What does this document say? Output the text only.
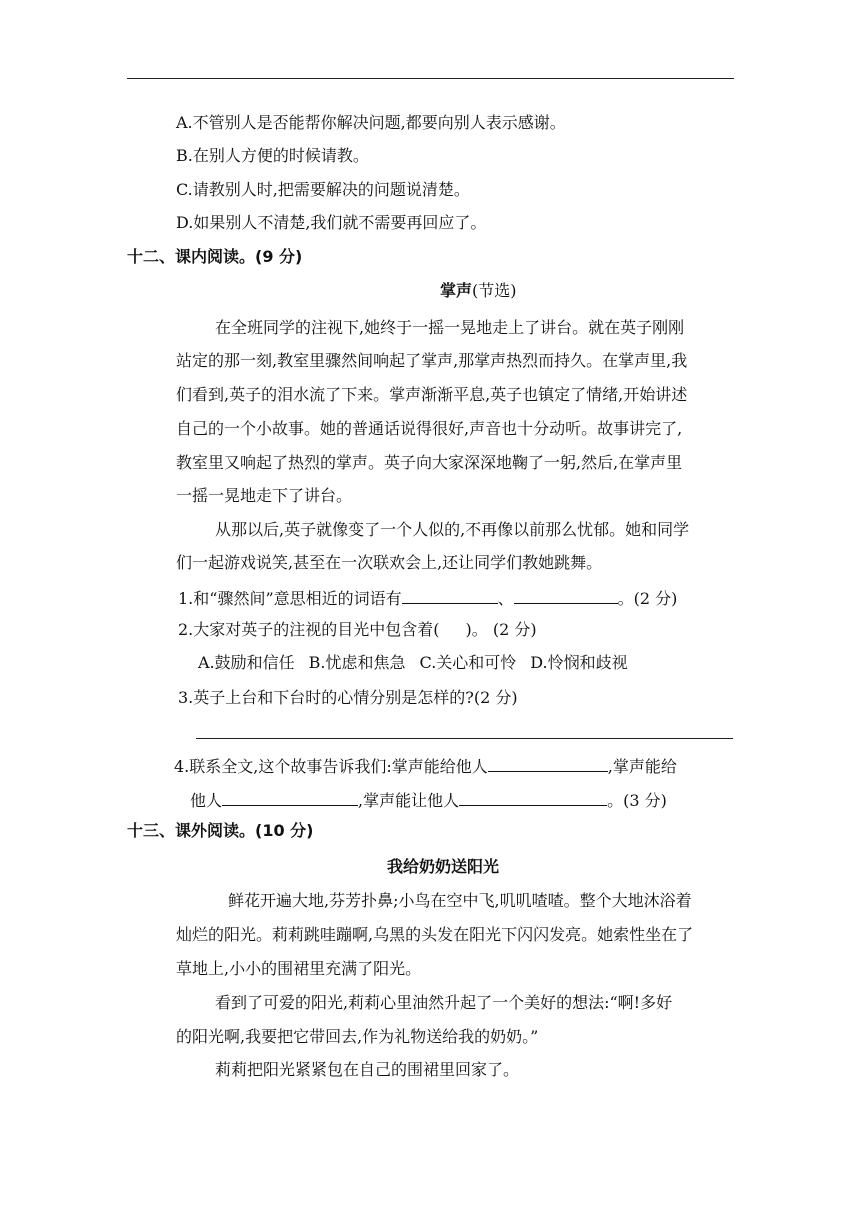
A.不管别人是否能帮你解决问题,都要向别人表示感谢。
B.在别人方便的时候请教。
C.请教别人时,把需要解决的问题说清楚。
D.如果别人不清楚,我们就不需要再回应了。
十二、课内阅读。(9 分)
掌声(节选)
在全班同学的注视下,她终于一摇一晃地走上了讲台。就在英子刚刚
站定的那一刻,教室里骤然间响起了掌声,那掌声热烈而持久。在掌声里,我
们看到,英子的泪水流了下来。掌声渐渐平息,英子也镇定了情绪,开始讲述
自己的一个小故事。她的普通话说得很好,声音也十分动听。故事讲完了,
教室里又响起了热烈的掌声。英子向大家深深地鞠了一躬,然后,在掌声里
一摇一晃地走下了讲台。
从那以后,英子就像变了一个人似的,不再像以前那么忧郁。她和同学
们一起游戏说笑,甚至在一次联欢会上,还让同学们教她跳舞。
1.和“骤然间”意思相近的词语有	、	。(2 分)
2.大家对英子的注视的目光中包含着( )。 (2 分)
A.鼓励和信任 B.忧虑和焦急 C.关心和可怜 D.怜悯和歧视
3.英子上台和下台时的心情分别是怎样的?(2 分)
4.联系全文,这个故事告诉我们:掌声能给他人	,掌声能给
他人	,掌声能让他人	。(3 分)
十三、课外阅读。(10 分)
我给奶奶送阳光
鲜花开遍大地,芬芳扑鼻;小鸟在空中飞,叽叽喳喳。整个大地沐浴着
灿烂的阳光。莉莉跳哇蹦啊,乌黑的头发在阳光下闪闪发亮。她索性坐在了
草地上,小小的围裙里充满了阳光。
看到了可爱的阳光,莉莉心里油然升起了一个美好的想法:“啊!多好
的阳光啊,我要把它带回去,作为礼物送给我的奶奶。”
莉莉把阳光紧紧包在自己的围裙里回家了。
